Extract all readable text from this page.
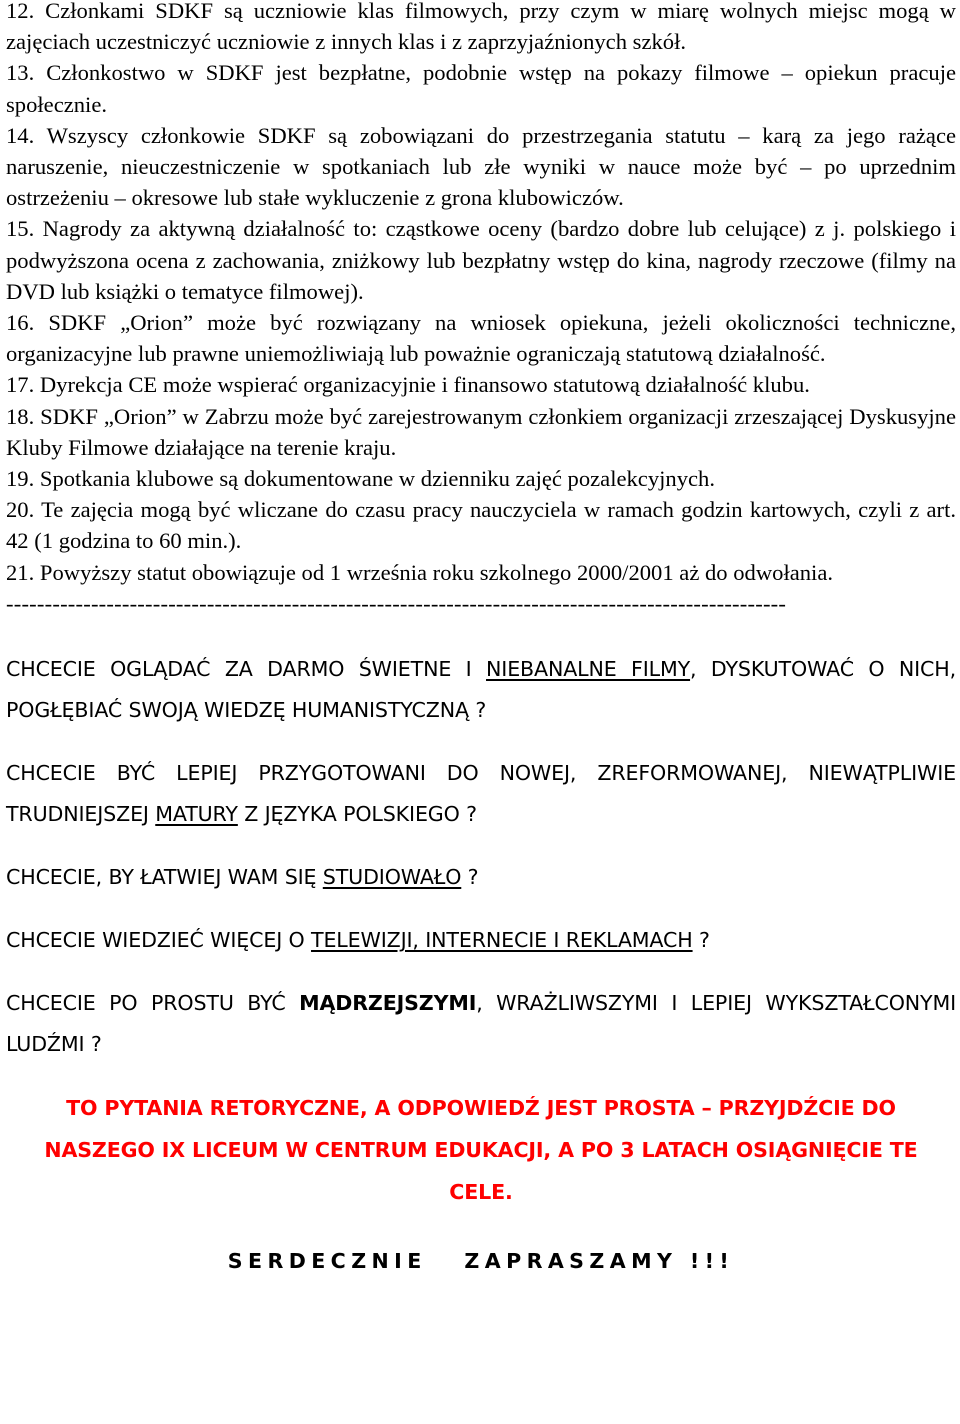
12. Członkami SDKF są uczniowie klas filmowych, przy czym w miarę wolnych miejsc mogą w zajęciach uczestniczyć uczniowie z innych klas i z zaprzyjaźnionych szkół.

13. Członkostwo w SDKF jest bezpłatne, podobnie wstęp na pokazy filmowe – opiekun pracuje społecznie.

14. Wszyscy członkowie SDKF są zobowiązani do przestrzegania statutu – karą za jego rażące naruszenie, nieuczestniczenie w spotkaniach lub złe wyniki w nauce może być – po uprzednim ostrzeżeniu – okresowe lub stałe wykluczenie z grona klubowiczów.

15. Nagrody za aktywną działalność to: cząstkowe oceny (bardzo dobre lub celujące) z j. polskiego i podwyższona ocena z zachowania, zniżkowy lub bezpłatny wstęp do kina, nagrody rzeczowe (filmy na DVD lub książki o tematyce filmowej).

16. SDKF „Orion” może być rozwiązany na wniosek opiekuna, jeżeli okoliczności techniczne, organizacyjne lub prawne uniemożliwiają lub poważnie ograniczają statutową działalność.

17. Dyrekcja CE może wspierać organizacyjnie i finansowo statutową działalność klubu.

18. SDKF „Orion” w Zabrzu może być zarejestrowanym członkiem organizacji zrzeszającej Dyskusyjne Kluby Filmowe działające na terenie kraju.

19. Spotkania klubowe są dokumentowane w dzienniku zajęć pozalekcyjnych.

20. Te zajęcia mogą być wliczane do czasu pracy nauczyciela w ramach godzin kartowych, czyli z art. 42 (1 godzina to 60 min.).

21. Powyższy statut obowiązuje od 1 września roku szkolnego 2000/2001 aż do odwołania.

-----------------------------------------------------------------------------------------------------

CHCECIE OGLĄDAĆ ZA DARMO ŚWIETNE I NIEBANALNE FILMY, DYSKUTOWAĆ O NICH, POGŁĘBIAĆ SWOJĄ WIEDZĘ HUMANISTYCZNĄ ?

CHCECIE BYĆ LEPIEJ PRZYGOTOWANI DO NOWEJ, ZREFORMOWANEJ, NIEWĄTPLIWIE TRUDNIEJSZEJ MATURY Z JĘZYKA POLSKIEGO ?

CHCECIE, BY ŁATWIEJ WAM SIĘ STUDIOWAŁO ?

CHCECIE WIEDZIEĆ WIĘCEJ O TELEWIZJI, INTERNECIE I REKLAMACH ?

CHCECIE PO PROSTU BYĆ MĄDRZEJSZYMI, WRAŻLIWSZYMI I LEPIEJ WYKSZTAŁCONYMI LUDŹMI ?

TO PYTANIA RETORYCZNE, A ODPOWIEDŹ JEST PROSTA – PRZYJDŹCIE DO NASZEGO IX LICEUM W CENTRUM EDUKACJI, A PO 3 LATACH OSIĄGNIĘCIE TE CELE.

SERDECZNIE   ZAPRASZAMY !!!
